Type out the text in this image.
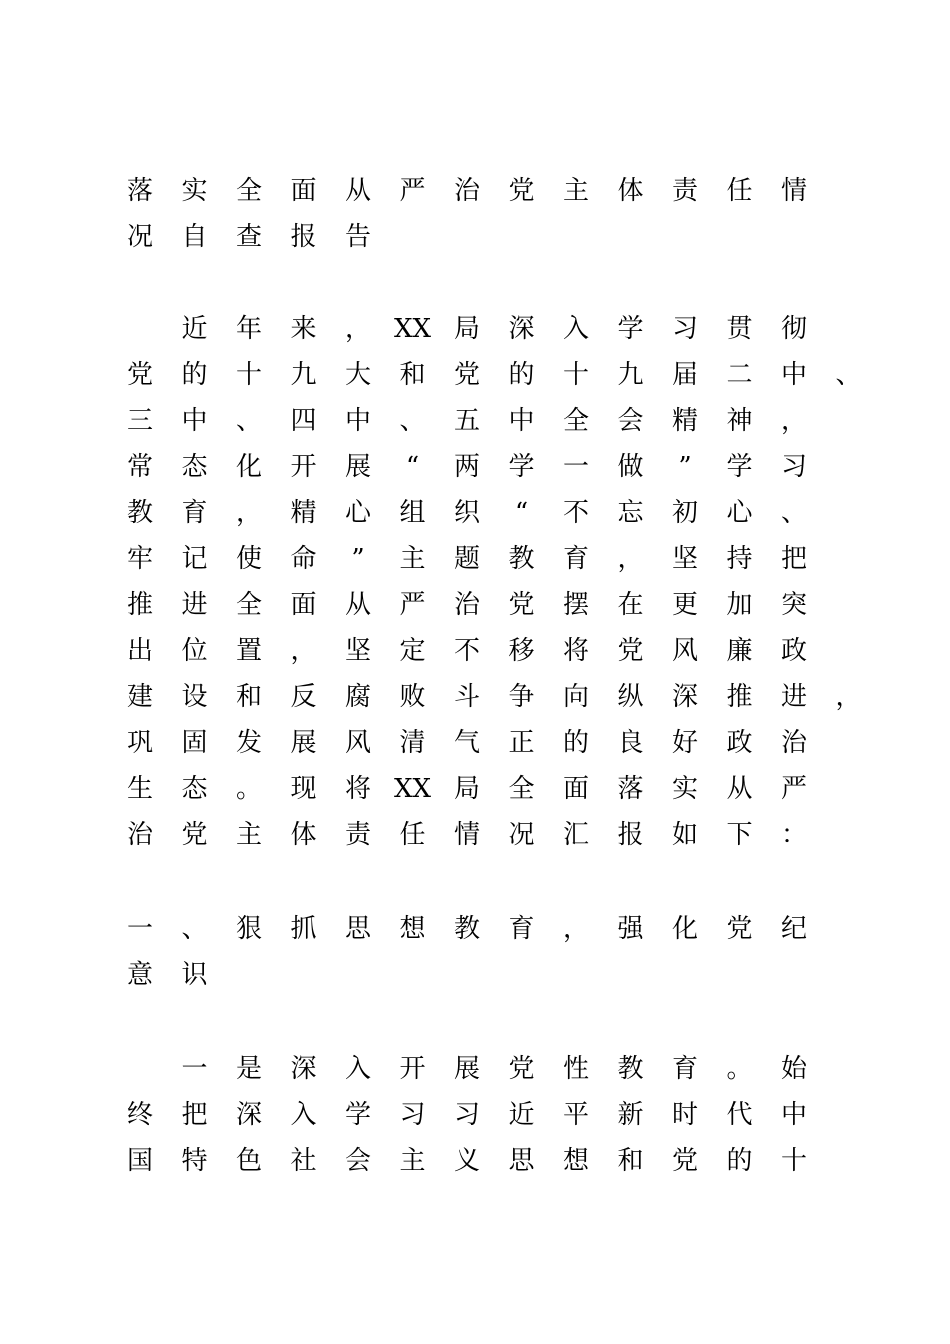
落	实	全	面	从	严	治	党	主	体	责	任	情
况	自	查	报	告
近	年	来	， XX 局	深	入	学	习	贯	彻
党	的	十	九	大	和	党	的	十	九	届	二	中	、
三	中	、	四	中	、	五	中	全	会	精	神	，
常	态	化	开	展	“	两	学	一	做	”	学	习
教	育	，	精	心	组	织	“	不	忘	初	心	、
牢	记	使	命	”	主	题	教	育	，	坚	持	把
推	进	全	面	从	严	治	党	摆	在	更	加	突
出	位	置	，	坚	定	不	移	将	党	风	廉	政
建	设	和	反	腐	败	斗	争	向	纵	深	推	进	，
巩	固	发	展	风	清	气	正	的	良	好	政	治
生	态	。	现	将 XX 局	全	面	落	实	从	严
治	党	主	体	责	任	情	况	汇	报	如	下	：
一	、	狠	抓	思	想	教	育	，	强	化	党	纪
意	识
一	是	深	入	开	展	党	性	教	育	。	始
终	把	深	入	学	习	习	近	平	新	时	代	中
国	特	色	社	会	主	义	思	想	和	党	的	十
